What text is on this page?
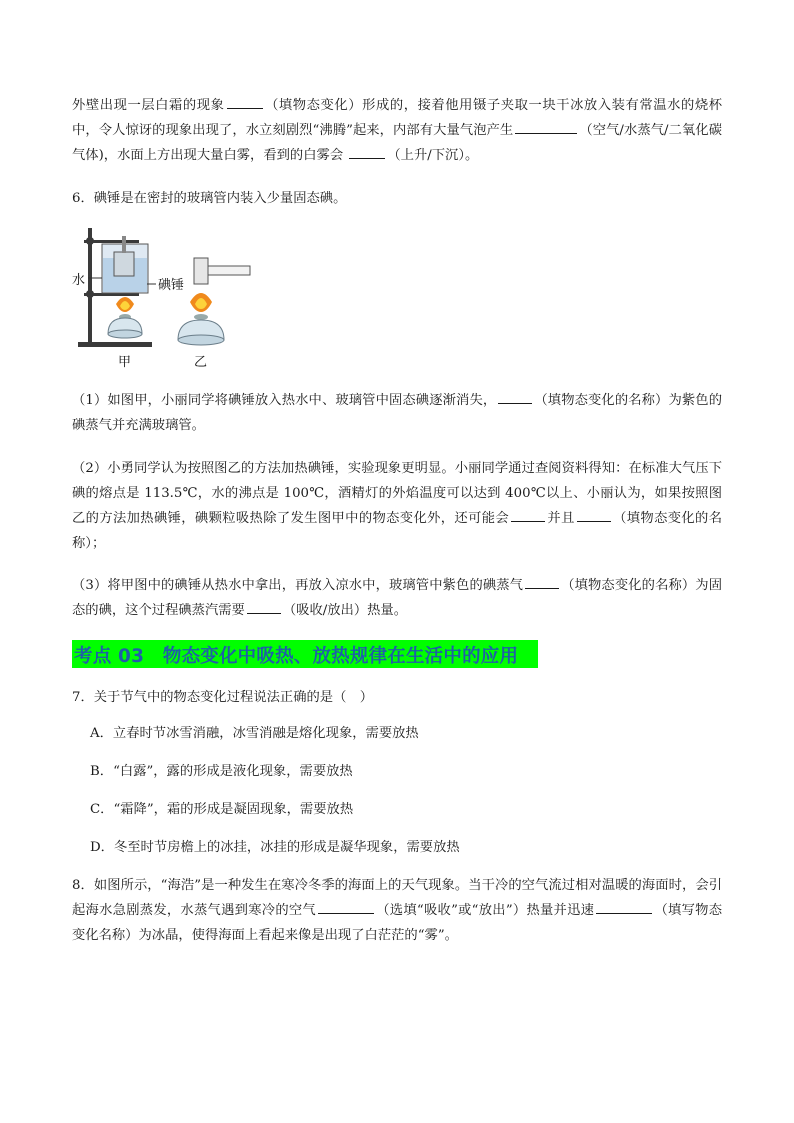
外壁出现一层白霜的现象	（填物态变化）形成的，接着他用镊子夹取一块干冰放入装有常温水的烧杯中，令人惊讶的现象出现了，水立刻剧烈“沸腾”起来，内部有大量气泡产生	（空气/水蒸气/二氧化碳气体)，水面上方出现大量白雾，看到的白雾会	（上升/下沉）。
6．碘锤是在密封的玻璃管内装入少量固态碘。
水	碘锤
甲	乙
（1）如图甲，小丽同学将碘锤放入热水中、玻璃管中固态碘逐渐消失，	（填物态变化的名称）为紫色的碘蒸气并充满玻璃管。
（2）小勇同学认为按照图乙的方法加热碘锤，实验现象更明显。小丽同学通过查阅资料得知：在标准大气压下碘的熔点是 113.5℃，水的沸点是 100℃，酒精灯的外焰温度可以达到 400℃以上、小丽认为，如果按照图乙的方法加热碘锤，碘颗粒吸热除了发生图甲中的物态变化外，还可能会	并且	（填物态变化的名称）；
（3）将甲图中的碘锤从热水中拿出，再放入凉水中，玻璃管中紫色的碘蒸气	（填物态变化的名称）为固态的碘，这个过程碘蒸汽需要	（吸收/放出）热量。
考点 03　物态变化中吸热、放热规律在生活中的应用
7．关于节气中的物态变化过程说法正确的是（　）
A．立春时节冰雪消融，冰雪消融是熔化现象，需要放热
B．“白露”，露的形成是液化现象，需要放热
C．“霜降”，霜的形成是凝固现象，需要放热
D．冬至时节房檐上的冰挂，冰挂的形成是凝华现象，需要放热
8．如图所示，“海浩”是一种发生在寒冷冬季的海面上的天气现象。当干冷的空气流过相对温暖的海面时，会引起海水急剧蒸发，水蒸气遇到寒冷的空气	（选填“吸收”或“放出”）热量并迅速	（填写物态变化名称）为冰晶，使得海面上看起来像是出现了白茫茫的“雾”。
